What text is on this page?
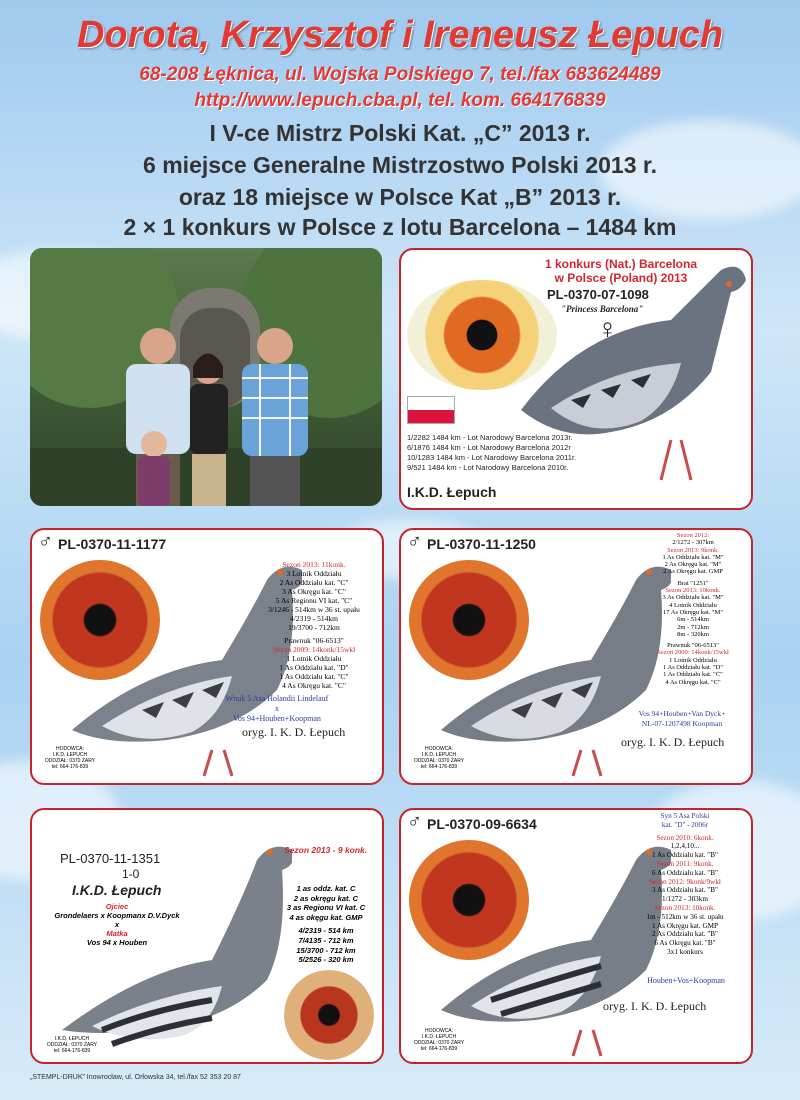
Dorota, Krzysztof i Ireneusz Łepuch
68-208 Łęknica, ul. Wojska Polskiego 7, tel./fax 683624489
http://www.lepuch.cba.pl, tel. kom. 664176839
I V-ce Mistrz Polski Kat. „C” 2013 r.
6 miejsce Generalne Mistrzostwo Polski 2013 r.
oraz 18 miejsce w Polsce Kat „B” 2013 r.
2 × 1 konkurs w Polsce z lotu Barcelona – 1484 km
1 konkurs (Nat.) Barcelona
w Polsce (Poland) 2013
PL-0370-07-1098
"Princess Barcelona"
♀
1/2282 1484 km - Lot Narodowy Barcelona 2013r.
6/1876 1484 km - Lot Narodowy Barcelona 2012r
10/1283 1484 km - Lot Narodowy Barcelona 2011r.
9/521 1484 km - Lot Narodowy Barcelona 2010r.
I.K.D. Łepuch
♂ PL-0370-11-1177
Sezon 2013: 11konk.
3 Lotnik Oddziału
2 As Oddziału kat. "C"
3 As Okręgu kat. "C"
5 As Regionu VI kat. "C"
3/1246 - 514km w 36 st. upału
4/2319 - 514km
19/3700 - 712km
Prawnuk "06-6513"
Sezon 2009: 14konk/15wkł
1 Lotnik Oddziału
1 As Oddziału kat. "D"
1 As Oddziału kat. "C"
4 As Okręgu kat. "C"
Wnuk 5 Asa Holandii Lindelauf
x
Vos 94+Houben+Koopman
oryg. I. K. D. Łepuch
HODOWCA:
I.K.D. ŁEPUCH
ODDZIAŁ: 0370 ŻARY
tel: 664-176-839
♂ PL-0370-11-1250
Sezon 2012:
2/1272 - 307km
Sezon 2013: 9konk.
1 As Oddziału kat. "M"
2 As Okręgu kat. "M"
2 As Okręgu kat. GMP
Brat "1251"
Sezon 2013: 10konk.
3 As Oddziału kat. "M"
4 Lotnik Oddziału
17 As Okręgu kat. "M"
6m - 514km
2m - 712km
8m - 320km
Prawnuk "06-6513"
Sezon 2009: 14konk/15wkł
1 Lotnik Oddziału
1 As Oddziału kat. "D"
1 As Oddziału kat. "C"
4 As Okręgu kat. "C"
Vos 94+Houben+Van Dyck+
NL-07-1207498 Koopman
oryg. I. K. D. Łepuch
HODOWCA:
I.K.D. ŁEPUCH
ODDZIAŁ: 0370 ŻARY
tel: 664-176-839
PL-0370-11-1351
1-0
I.K.D. Łepuch
Ojciec
Grondelaers x Koopmanx D.V.Dyck
x
Matka
Vos 94 x Houben
Sezon 2013 - 9 konk.
1 as oddz. kat. C
2 as okręgu kat. C
3 as Regionu VI kat. C
4 as okęgu kat. GMP
4/2319 - 514 km
7/4135 - 712 km
15/3700 - 712 km
5/2526 - 320 km
I.K.D. ŁEPUCH
ODDZIAŁ: 0370 ŻARY
tel: 664-176-839
♂ PL-0370-09-6634	Syn 5 Asa Polski
kat. "D" - 2006r
Sezon 2010: 6konk.
1,2,4,10...
1 As Oddziału kat. "B"
Sezon 2011: 9konk.
6 As Oddziału kat. "B"
Sezon 2012: 9konk/9wkł
3 As Oddziału kat. "B"
1/1272 - 303km
Sezon 2013: 10konk.
1m - 512km w 36 st. upału
1 As Okręgu kat. GMP
2 As Oddziału kat. "B"
6 As Okręgu kat. "B"
3x1 konkurs
Houben+Vos+Koopman
oryg. I. K. D. Łepuch
HODOWCA:
I.K.D. ŁEPUCH
ODDZIAŁ: 0370 ŻARY
tel: 664-176-839
„STEMPL-DRUK” Inowrocław, ul. Orłowska 34, tel./fax 52 353 20 87
